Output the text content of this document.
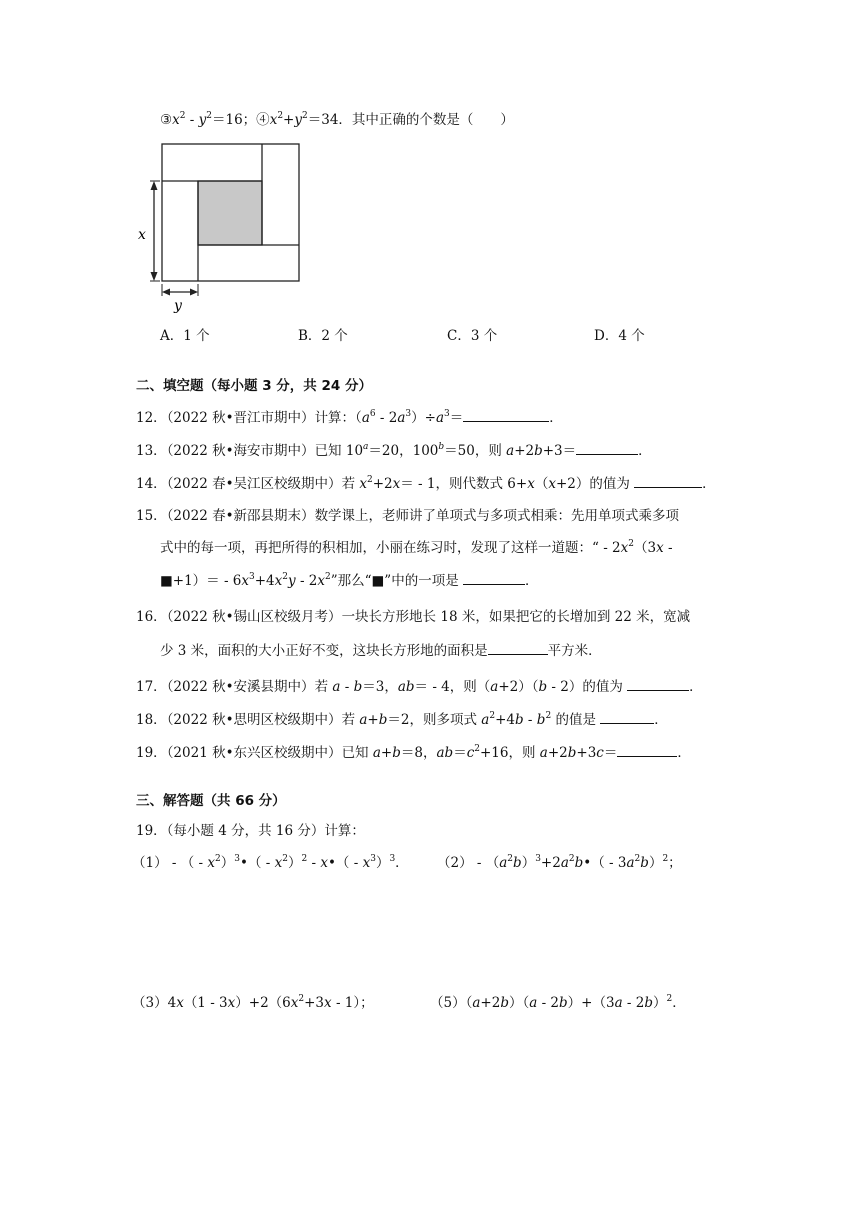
$③x^2 - y^2=16$；$④x^2+y^2=34$．其中正确的个数是（　　）
x
y
A．1 个	B．2 个	C．3 个	D．4 个
二、填空题（每小题 3 分，共 24 分）
12．（2022 秋•晋江市期中）计算：$(a^6 - 2a^3)\div a^3=$	．
13．（2022 秋•海安市期中）已知 $10^a=20$，$100^b=50$，则 a+2b+3＝	．
14．（2022 春•吴江区校级期中）若 $x^2+2x= - 1$，则代数式 6+x（x+2）的值为	．
15．（2022 春•新邵县期末）数学课上，老师讲了单项式与多项式相乘：先用单项式乘多项
式中的每一项，再把所得的积相加，小丽在练习时，发现了这样一道题：“ - $2x^2(3x$ -
■+1）＝ - $6x^3+4x^2y - 2x^2$”那么“■”中的一项是	．
16．（2022 秋•锡山区校级月考）一块长方形地长 18 米，如果把它的长增加到 22 米，宽减
少 3 米，面积的大小正好不变，这块长方形地的面积是	平方米．
17．（2022 秋•安溪县期中）若 a - b＝3，ab＝ - 4，则（a+2）（b - 2）的值为	．
18．（2022 秋•思明区校级期中）若 a+b＝2，则多项式 $a^2+4b - b^2$ 的值是	．
19．（2021 秋•东兴区校级期中）已知 a+b＝8，$ab=c^2+16$，则 a+2b+3c＝	．
三、解答题（共 66 分）
19．（每小题 4 分，共 16 分）计算：
（1） - （ - $x^2)^3•( - x^2)^2$ - x•（ - $x^3)^3$． $(2) - (a^2b)^3+2a^2b•( - 3a^2b)^2$；
$(3)4x(1 - 3x)+2(6x^2+3x - 1)$；	（5）（a+2b）（a - 2b）+（3a - 2b）$^2$．
